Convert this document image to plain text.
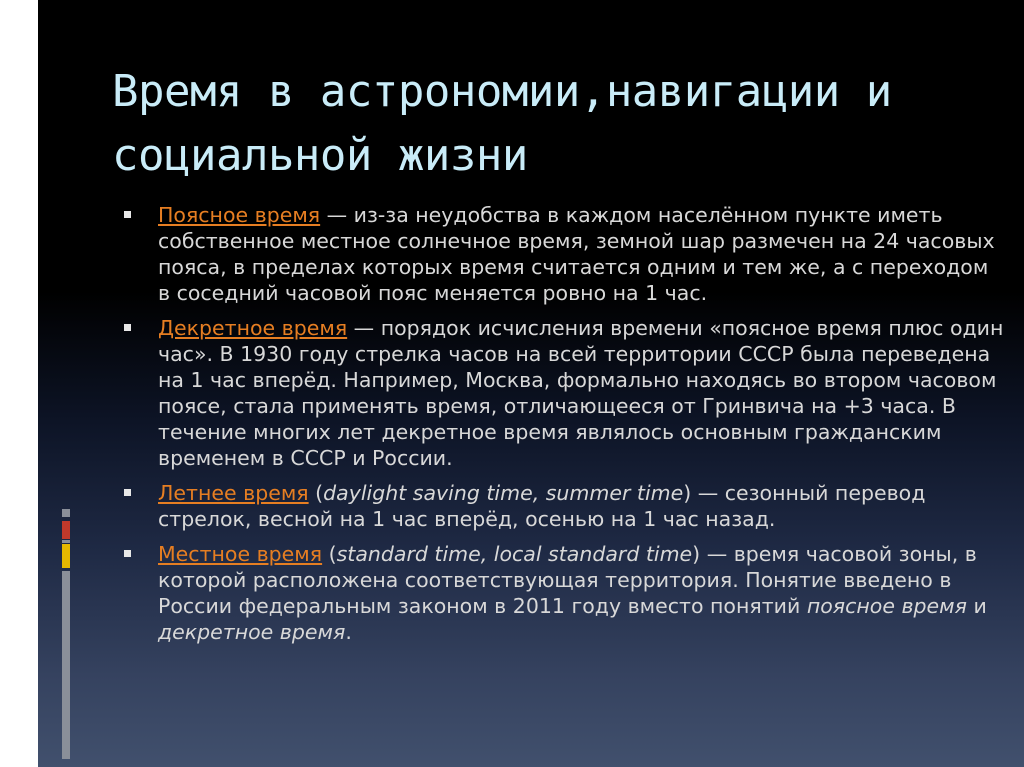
Время в астрономии,навигации и социальной жизни
Поясное время — из-за неудобства в каждом населённом пункте иметь собственное местное солнечное время, земной шар размечен на 24 часовых пояса, в пределах которых время считается одним и тем же, а с переходом в соседний часовой пояс меняется ровно на 1 час.
Декретное время — порядок исчисления времени «поясное время плюс один час». В 1930 году стрелка часов на всей территории СССР была переведена на 1 час вперёд. Например, Москва, формально находясь во втором часовом поясе, стала применять время, отличающееся от Гринвича на +3 часа. В течение многих лет декретное время являлось основным гражданским временем в СССР и России.
Летнее время (daylight saving time, summer time) — сезонный перевод стрелок, весной на 1 час вперёд, осенью на 1 час назад.
Местное время (standard time, local standard time) — время часовой зоны, в которой расположена соответствующая территория. Понятие введено в России федеральным законом в 2011 году вместо понятий поясное время и декретное время.
